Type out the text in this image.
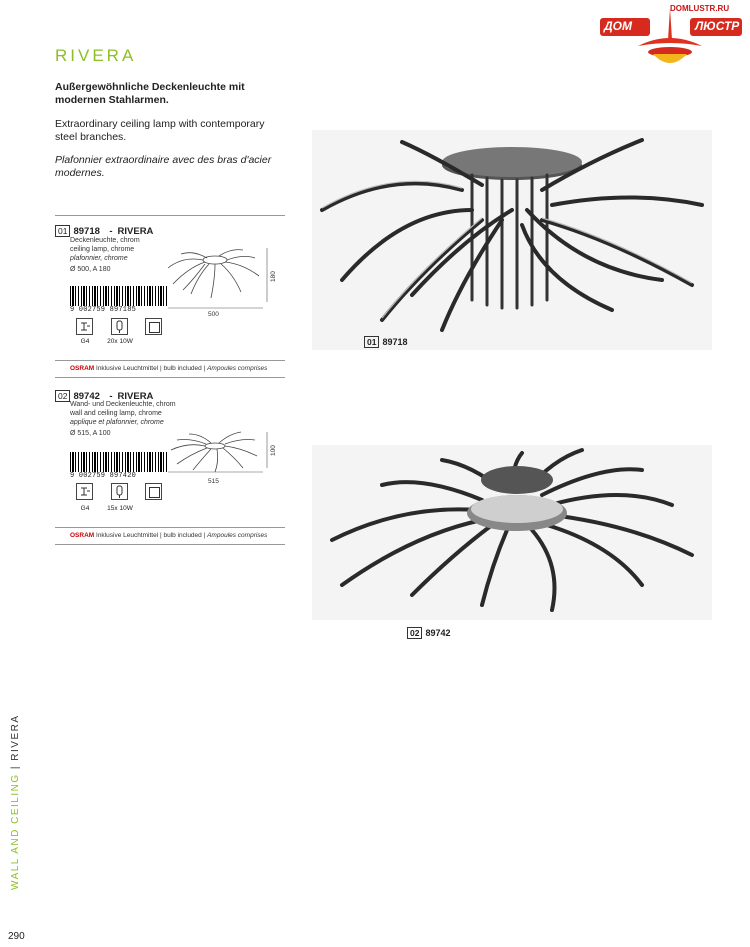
DOMLUSTR.RU
ДОМ	ЛЮСТР
RIVERA
Außergewöhnliche Deckenleuchte mit modernen Stahlarmen.
Extraordinary ceiling lamp with contemporary steel branches.
Plafonnier extraordinaire avec des bras d'acier modernes.
01 89718 - RIVERA
Deckenleuchte, chrom
ceiling lamp, chrome
plafonnier, chrome
Ø 500, A 180
500
180
9 002759 897185
G4	20x 10W
OSRAM Inklusive Leuchtmittel | bulb included | Ampoules comprises
02 89742 - RIVERA
Wand- und Deckenleuchte, chrom
wall and ceiling lamp, chrome
applique et plafonnier, chrome
Ø 515, A 100
515
100
9 002759 897420
G4	15x 10W
OSRAM Inklusive Leuchtmittel | bulb included | Ampoules comprises
01 89718
02 89742
WALL AND CEILING | RIVERA
290
